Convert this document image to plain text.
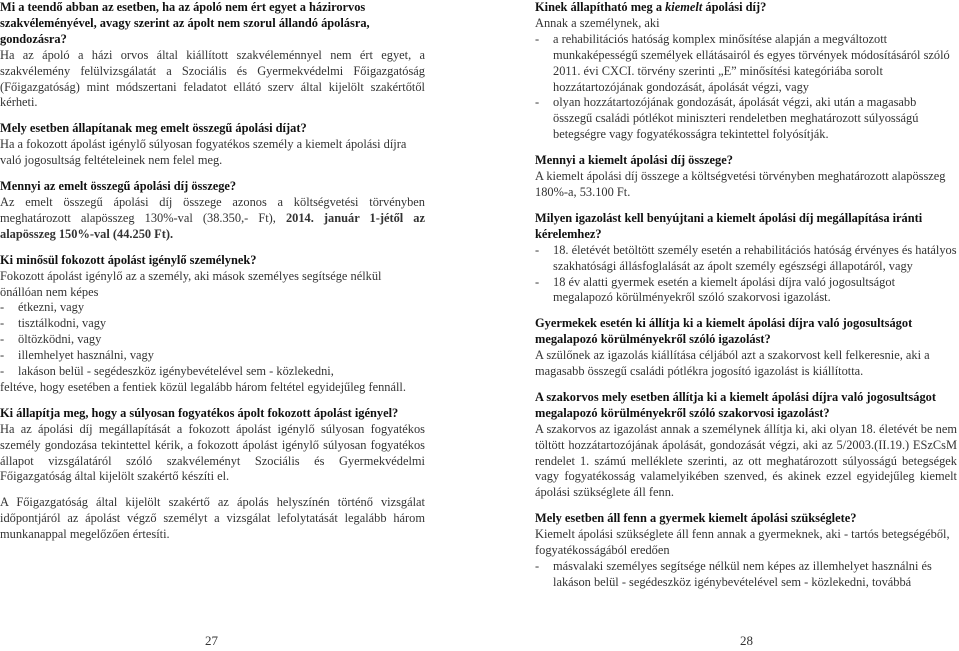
Mi a teendő abban az esetben, ha az ápoló nem ért egyet a házirorvos szakvéleményével, avagy szerint az ápolt nem szorul állandó ápolásra, gondozásra?
Ha az ápoló a házi orvos által kiállított szakvéleménnyel nem ért egyet, a szakvélemény felülvizsgálatát a Szociális és Gyermekvédelmi Főigazgatóság (Főigazgatóság) mint módszertani feladatot ellátó szerv által kijelölt szakértőtől kérheti.
Mely esetben állapítanak meg emelt összegű ápolási díjat?
Ha a fokozott ápolást igénylő súlyosan fogyatékos személy a kiemelt ápolási díjra való jogosultság feltételeinek nem felel meg.
Mennyi az emelt összegű ápolási díj összege?
Az emelt összegű ápolási díj összege azonos a költségvetési törvényben meghatározott alapösszeg 130%-val (38.350,- Ft), 2014. január 1-jétől az alapösszeg 150%-val (44.250 Ft).
Ki minősül fokozott ápolást igénylő személynek?
Fokozott ápolást igénylő az a személy, aki mások személyes segítsége nélkül önállóan nem képes
- étkezni, vagy
- tisztálkodni, vagy
- öltözködni, vagy
- illemhelyet használni, vagy
- lakáson belül - segédeszköz igénybevételével sem - közlekedni,
feltéve, hogy esetében a fentiek közül legalább három feltétel egyidejűleg fennáll.
Ki állapítja meg, hogy a súlyosan fogyatékos ápolt fokozott ápolást igényel?
Ha az ápolási díj megállapítását a fokozott ápolást igénylő súlyosan fogyatékos személy gondozása tekintettel kérik, a fokozott ápolást igénylő súlyosan fogyatékos állapot vizsgálatáról szóló szakvéleményt Szociális és Gyermekvédelmi Főigazgatóság által kijelölt szakértő készíti el.
A Főigazgatóság által kijelölt szakértő az ápolás helyszínén történő vizsgálat időpontjáról az ápolást végző személyt a vizsgálat lefolytatását legalább három munkanappal megelőzően értesíti.
Kinek állapítható meg a kiemelt ápolási díj?
Annak a személynek, aki
- a rehabilitációs hatóság komplex minősítése alapján a megváltozott munkaképességű személyek ellátásairól és egyes törvények módosításáról szóló 2011. évi CXCI. törvény szerinti „E” minősítési kategóriába sorolt hozzátartozójának gondozását, ápolását végzi, vagy
- olyan hozzátartozójának gondozását, ápolását végzi, aki után a magasabb összegű családi pótlékot miniszteri rendeletben meghatározott súlyosságú betegségre vagy fogyatékosságra tekintettel folyósítják.
Mennyi a kiemelt ápolási díj összege?
A kiemelt ápolási díj összege a költségvetési törvényben meghatározott alapösszeg 180%-a, 53.100 Ft.
Milyen igazolást kell benyújtani a kiemelt ápolási díj megállapítása iránti kérelemhez?
- 18. életévét betöltött személy esetén a rehabilitációs hatóság érvényes és hatályos szakhatósági állásfoglalását az ápolt személy egészségi állapotáról, vagy
- 18 év alatti gyermek esetén a kiemelt ápolási díjra való jogosultságot megalapozó körülményekről szóló szakorvosi igazolást.
Gyermekek esetén ki állítja ki a kiemelt ápolási díjra való jogosultságot megalapozó körülményekről szóló igazolást?
A szülőnek az igazolás kiállítása céljából azt a szakorvost kell felkeresnie, aki a magasabb összegű családi pótlékra jogosító igazolást is kiállította.
A szakorvos mely esetben állítja ki a kiemelt ápolási díjra való jogosultságot megalapozó körülményekről szóló szakorvosi igazolást?
A szakorvos az igazolást annak a személynek állítja ki, aki olyan 18. életévét be nem töltött hozzátartozójának ápolását, gondozását végzi, aki az 5/2003.(II.19.) ESzCsM rendelet 1. számú mellékletе szerinti, az ott meghatározott súlyosságú betegségek vagy fogyatékosság valamelyikében szenved, és akinek ezzel egyidejűleg kiemelt ápolási szükséglete áll fenn.
Mely esetben áll fenn a gyermek kiemelt ápolási szükséglete?
Kiemelt ápolási szükséglete áll fenn annak a gyermeknek, aki - tartós betegségéből, fogyatékosságából eredően
- másvalaki személyes segítsége nélkül nem képes az illemhelyet használni és lakáson belül - segédeszköz igénybevételével sem - közlekedni, továbbá
27	28
